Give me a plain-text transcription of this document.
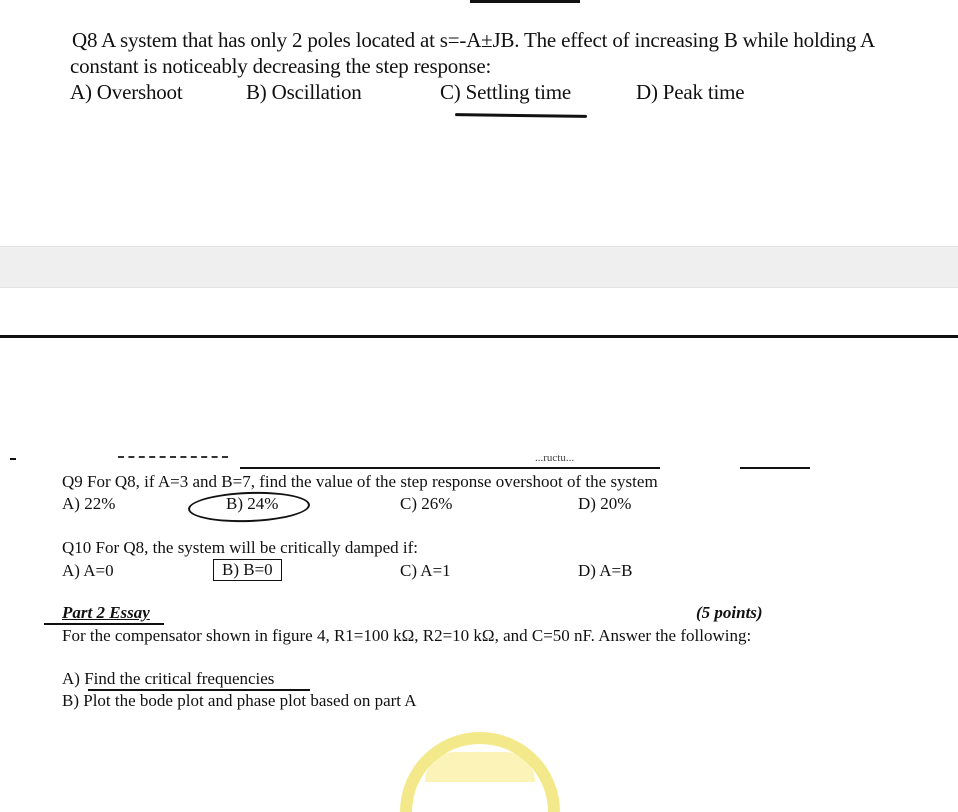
Q8 A system that has only 2 poles located at s=-A±JB. The effect of increasing B while holding A
constant is noticeably decreasing the step response:
A) Overshoot	B) Oscillation	C) Settling time	D) Peak time
...ructu...
Q9 For Q8, if A=3 and B=7, find the value of the step response overshoot of the system
A) 22%	B) 24%	C) 26%	D) 20%
Q10 For Q8, the system will be critically damped if:
A) A=0	B) B=0	C) A=1	D) A=B
Part 2 Essay	(5 points)
For the compensator shown in figure 4, R1=100 kΩ, R2=10 kΩ, and C=50 nF. Answer the following:
A) Find the critical frequencies
B) Plot the bode plot and phase plot based on part A
